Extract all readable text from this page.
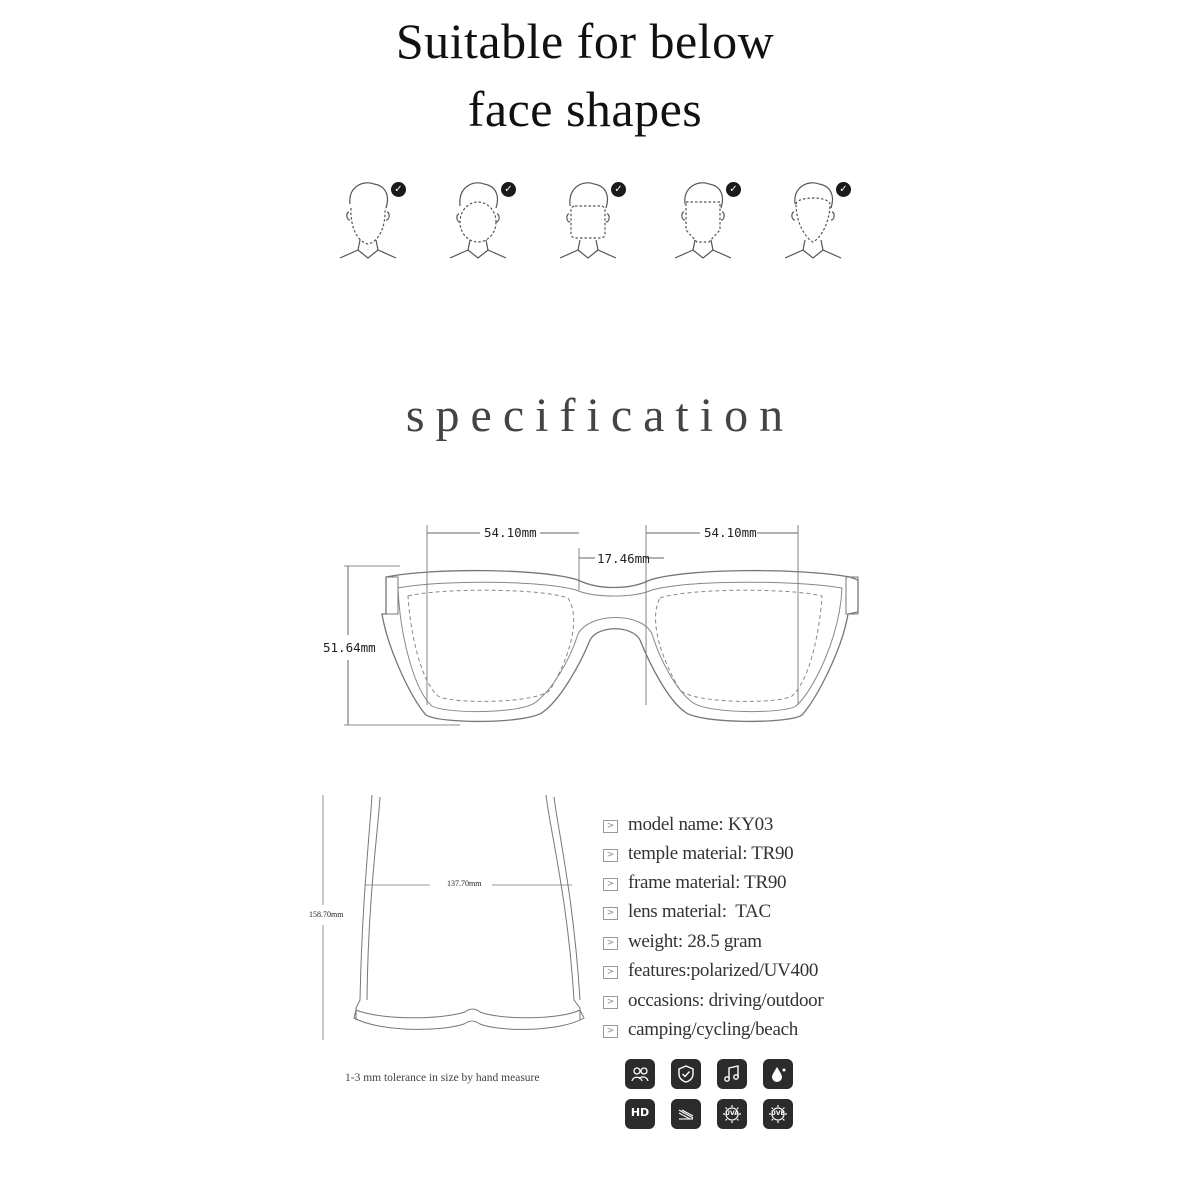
Suitable for below
face shapes
✓	✓	✓	✓	✓
specification
54.10mm	54.10mm
17.46mm
51.64mm
137.70mm
158.70mm
1-3 mm tolerance in size by hand measure
> model name: KY03
> temple material: TR90
> frame material: TR90
> lens material:  TAC
> weight: 28.5 gram
> features:polarized/UV400
> occasions: driving/outdoor
> camping/cycling/beach
HD	UVA	UVB
